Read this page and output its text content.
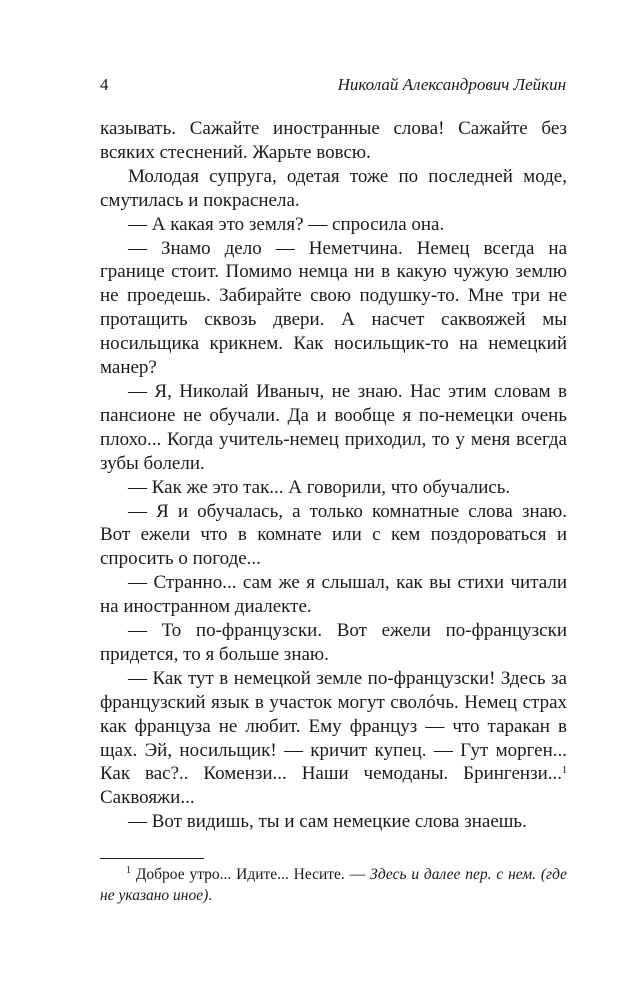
4	Николай Александрович Лейкин

казывать. Сажайте иностранные слова! Сажайте без всяких стеснений. Жарьте вовсю.

Молодая супруга, одетая тоже по последней моде, смутилась и покраснела.

— А какая это земля? — спросила она.

— Знамо дело — Неметчина. Немец всегда на границе стоит. Помимо немца ни в какую чужую землю не проедешь. Забирайте свою подушку-то. Мне три не протащить сквозь двери. А насчет саквояжей мы носильщика крикнем. Как носильщик-то на немецкий манер?

— Я, Николай Иваныч, не знаю. Нас этим словам в пансионе не обучали. Да и вообще я по-немецки очень плохо... Когда учитель-немец приходил, то у меня всегда зубы болели.

— Как же это так... А говорили, что обучались.

— Я и обучалась, а только комнатные слова знаю. Вот ежели что в комнате или с кем поздороваться и спросить о погоде...

— Странно... сам же я слышал, как вы стихи читали на иностранном диалекте.

— То по-французски. Вот ежели по-французски придется, то я больше знаю.

— Как тут в немецкой земле по-французски! Здесь за французский язык в участок могут сволóчь. Немец страх как француза не любит. Ему француз — что таракан в щах. Эй, носильщик! — кричит купец. — Гут морген... Как вас?.. Комензи... Наши чемоданы. Брингензи...$^1$ Саквояжи...

— Вот видишь, ты и сам немецкие слова знаешь.

$^1$ Доброе утро... Идите... Несите. — Здесь и далее пер. с нем. (где не указано иное).
